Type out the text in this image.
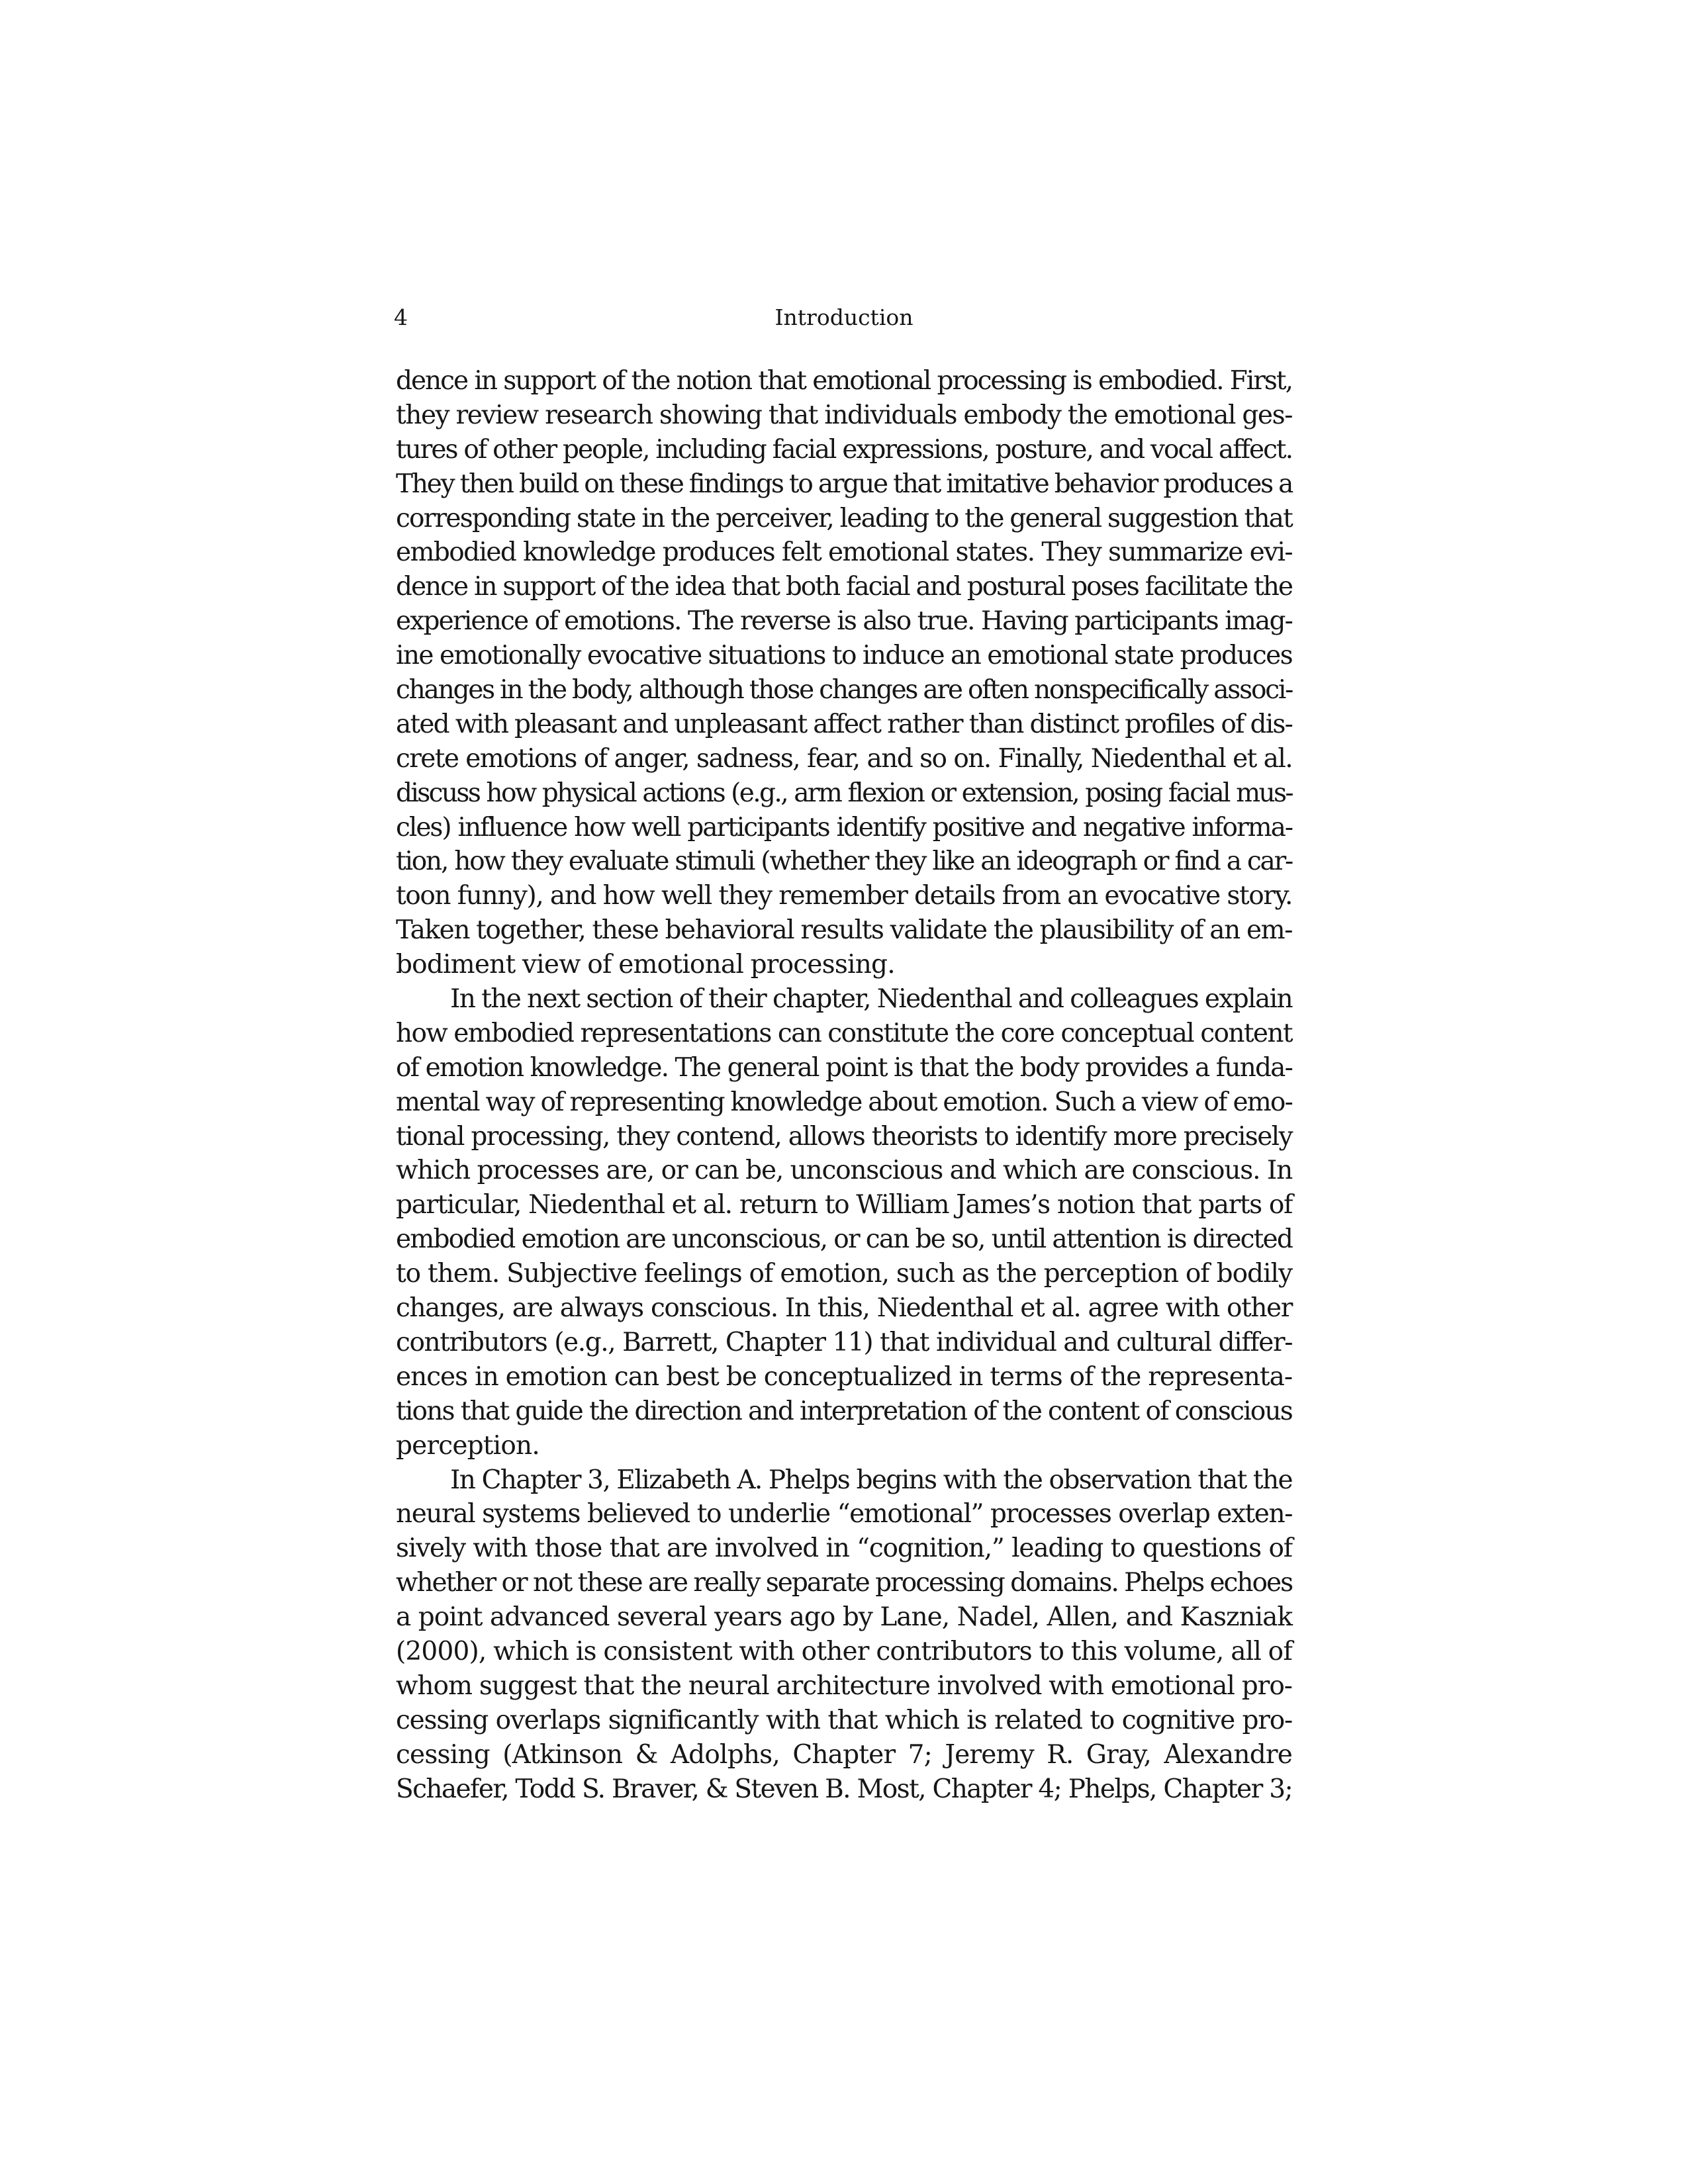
4	Introduction
dence in support of the notion that emotional processing is embodied. First,
they review research showing that individuals embody the emotional ges-
tures of other people, including facial expressions, posture, and vocal affect.
They then build on these findings to argue that imitative behavior produces a
corresponding state in the perceiver, leading to the general suggestion that
embodied knowledge produces felt emotional states. They summarize evi-
dence in support of the idea that both facial and postural poses facilitate the
experience of emotions. The reverse is also true. Having participants imag-
ine emotionally evocative situations to induce an emotional state produces
changes in the body, although those changes are often nonspecifically associ-
ated with pleasant and unpleasant affect rather than distinct profiles of dis-
crete emotions of anger, sadness, fear, and so on. Finally, Niedenthal et al.
discuss how physical actions (e.g., arm flexion or extension, posing facial mus-
cles) influence how well participants identify positive and negative informa-
tion, how they evaluate stimuli (whether they like an ideograph or find a car-
toon funny), and how well they remember details from an evocative story.
Taken together, these behavioral results validate the plausibility of an em-
bodiment view of emotional processing.
In the next section of their chapter, Niedenthal and colleagues explain
how embodied representations can constitute the core conceptual content
of emotion knowledge. The general point is that the body provides a funda-
mental way of representing knowledge about emotion. Such a view of emo-
tional processing, they contend, allows theorists to identify more precisely
which processes are, or can be, unconscious and which are conscious. In
particular, Niedenthal et al. return to William James’s notion that parts of
embodied emotion are unconscious, or can be so, until attention is directed
to them. Subjective feelings of emotion, such as the perception of bodily
changes, are always conscious. In this, Niedenthal et al. agree with other
contributors (e.g., Barrett, Chapter 11) that individual and cultural differ-
ences in emotion can best be conceptualized in terms of the representa-
tions that guide the direction and interpretation of the content of conscious
perception.
In Chapter 3, Elizabeth A. Phelps begins with the observation that the
neural systems believed to underlie “emotional” processes overlap exten-
sively with those that are involved in “cognition,” leading to questions of
whether or not these are really separate processing domains. Phelps echoes
a point advanced several years ago by Lane, Nadel, Allen, and Kaszniak
(2000), which is consistent with other contributors to this volume, all of
whom suggest that the neural architecture involved with emotional pro-
cessing overlaps significantly with that which is related to cognitive pro-
cessing (Atkinson & Adolphs, Chapter 7; Jeremy R. Gray, Alexandre
Schaefer, Todd S. Braver, & Steven B. Most, Chapter 4; Phelps, Chapter 3;
